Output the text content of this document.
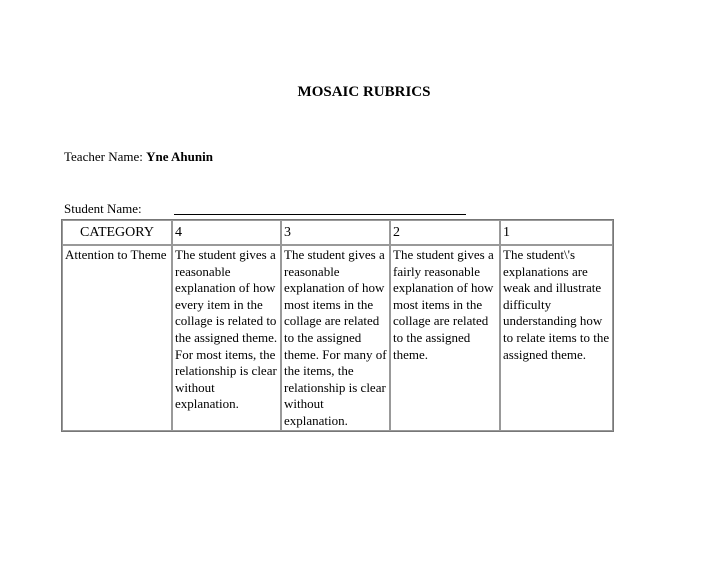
MOSAIC RUBRICS
Teacher Name: Yne Ahunin
Student Name:
CATEGORY	4	3	2	1
Attention to Theme	The student gives a reasonable explanation of how every item in the collage is related to the assigned theme. For most items, the relationship is clear without explanation.	The student gives a reasonable explanation of how most items in the collage are related to the assigned theme. For many of the items, the relationship is clear without explanation.	The student gives a fairly reasonable explanation of how most items in the collage are related to the assigned theme.	The student\'s explanations are weak and illustrate difficulty understanding how to relate items to the assigned theme.
